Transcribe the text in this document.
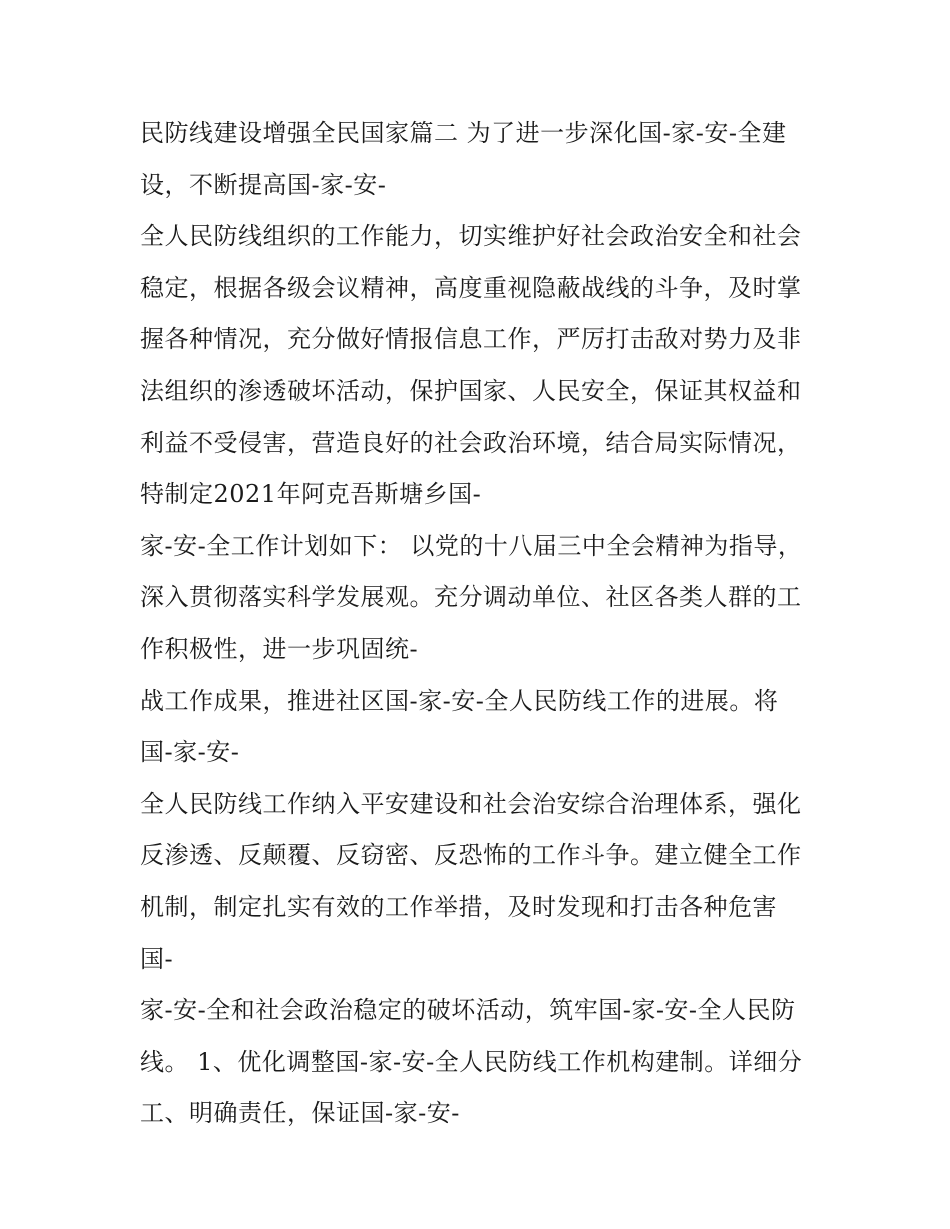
民防线建设增强全民国家篇二 为了进一步深化国-家-安-全建
设，不断提高国-家-安-
全人民防线组织的工作能力，切实维护好社会政治安全和社会
稳定，根据各级会议精神，高度重视隐蔽战线的斗争，及时掌
握各种情况，充分做好情报信息工作，严厉打击敌对势力及非
法组织的渗透破坏活动，保护国家、人民安全，保证其权益和
利益不受侵害，营造良好的社会政治环境，结合局实际情况，
特制定2021年阿克吾斯塘乡国-
家-安-全工作计划如下： 以党的十八届三中全会精神为指导，
深入贯彻落实科学发展观。充分调动单位、社区各类人群的工
作积极性，进一步巩固统-
战工作成果，推进社区国-家-安-全人民防线工作的进展。将
国-家-安-
全人民防线工作纳入平安建设和社会治安综合治理体系，强化
反渗透、反颠覆、反窃密、反恐怖的工作斗争。建立健全工作
机制，制定扎实有效的工作举措，及时发现和打击各种危害
国-
家-安-全和社会政治稳定的破坏活动，筑牢国-家-安-全人民防
线。 1、优化调整国-家-安-全人民防线工作机构建制。详细分
工、明确责任，保证国-家-安-
